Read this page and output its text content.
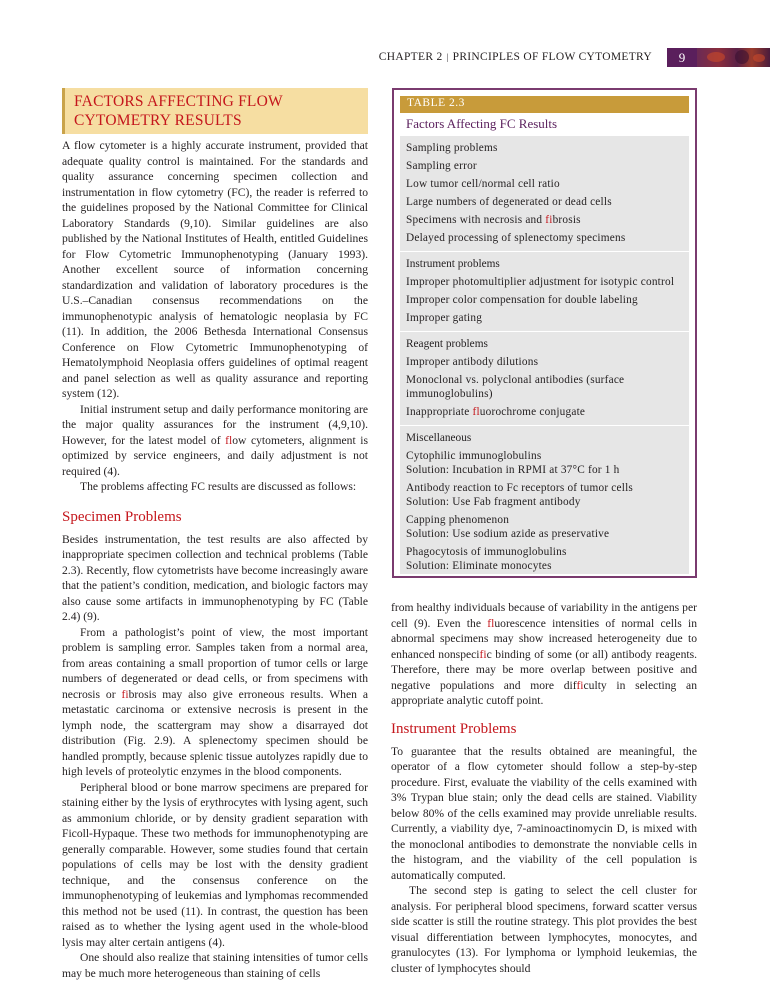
CHAPTER 2 | PRINCIPLES OF FLOW CYTOMETRY	9
FACTORS AFFECTING FLOW CYTOMETRY RESULTS

A flow cytometer is a highly accurate instrument, provided that adequate quality control is maintained. For the standards and quality assurance concerning specimen collection and instrumentation in flow cytometry (FC), the reader is referred to the guidelines proposed by the National Committee for Clinical Laboratory Standards (9,10). Similar guidelines are also published by the National Institutes of Health, entitled Guidelines for Flow Cytometric Immunophenotyping (January 1993). Another excellent source of information concerning standardization and validation of laboratory procedures is the U.S.–Canadian consensus recommendations on the immunophenotypic analysis of hematologic neoplasia by FC (11). In addition, the 2006 Bethesda International Consensus Conference on Flow Cytometric Immunophenotyping of Hematolymphoid Neoplasia offers guidelines of optimal reagent and panel selection as well as quality assurance and reporting system (12).

Initial instrument setup and daily performance monitoring are the major quality assurances for the instrument (4,9,10). However, for the latest model of flow cytometers, alignment is optimized by service engineers, and daily adjustment is not required (4).

The problems affecting FC results are discussed as follows:

Specimen Problems

Besides instrumentation, the test results are also affected by inappropriate specimen collection and technical problems (Table 2.3). Recently, flow cytometrists have become increasingly aware that the patient’s condition, medication, and biologic factors may also cause some artifacts in immunophenotyping by FC (Table 2.4) (9).

From a pathologist’s point of view, the most important problem is sampling error. Samples taken from a normal area, from areas containing a small proportion of tumor cells or large numbers of degenerated or dead cells, or from specimens with necrosis or fibrosis may also give erroneous results. When a metastatic carcinoma or extensive necrosis is present in the lymph node, the scattergram may show a disarrayed dot distribution (Fig. 2.9). A splenectomy specimen should be handled promptly, because splenic tissue autolyzes rapidly due to high levels of proteolytic enzymes in the blood components.

Peripheral blood or bone marrow specimens are prepared for staining either by the lysis of erythrocytes with lysing agent, such as ammonium chloride, or by density gradient separation with Ficoll-Hypaque. These two methods for immunophenotyping are generally comparable. However, some studies found that certain populations of cells may be lost with the density gradient technique, and the consensus conference on the immunophenotyping of leukemias and lymphomas recommended this method not be used (11). In contrast, the question has been raised as to whether the lysing agent used in the whole-blood lysis may alter certain antigens (4).

One should also realize that staining intensities of tumor cells may be much more heterogeneous than staining of cells

TABLE 2.3
Factors Affecting FC Results
Sampling problems
Sampling error
Low tumor cell/normal cell ratio
Large numbers of degenerated or dead cells
Specimens with necrosis and fibrosis
Delayed processing of splenectomy specimens
Instrument problems
Improper photomultiplier adjustment for isotypic control
Improper color compensation for double labeling
Improper gating
Reagent problems
Improper antibody dilutions
Monoclonal vs. polyclonal antibodies (surface immunoglobulins)
Inappropriate fluorochrome conjugate
Miscellaneous
Cytophilic immunoglobulins
Solution: Incubation in RPMI at 37°C for 1 h
Antibody reaction to Fc receptors of tumor cells
Solution: Use Fab fragment antibody
Capping phenomenon
Solution: Use sodium azide as preservative
Phagocytosis of immunoglobulins
Solution: Eliminate monocytes

from healthy individuals because of variability in the antigens per cell (9). Even the fluorescence intensities of normal cells in abnormal specimens may show increased heterogeneity due to enhanced nonspecific binding of some (or all) antibody reagents. Therefore, there may be more overlap between positive and negative populations and more difficulty in selecting an appropriate analytic cutoff point.

Instrument Problems

To guarantee that the results obtained are meaningful, the operator of a flow cytometer should follow a step-by-step procedure. First, evaluate the viability of the cells examined with 3% Trypan blue stain; only the dead cells are stained. Viability below 80% of the cells examined may provide unreliable results. Currently, a viability dye, 7-aminoactinomycin D, is mixed with the monoclonal antibodies to demonstrate the nonviable cells in the histogram, and the viability of the cell population is automatically computed.

The second step is gating to select the cell cluster for analysis. For peripheral blood specimens, forward scatter versus side scatter is still the routine strategy. This plot provides the best visual differentiation between lymphocytes, monocytes, and granulocytes (13). For lymphoma or lymphoid leukemias, the cluster of lymphocytes should
